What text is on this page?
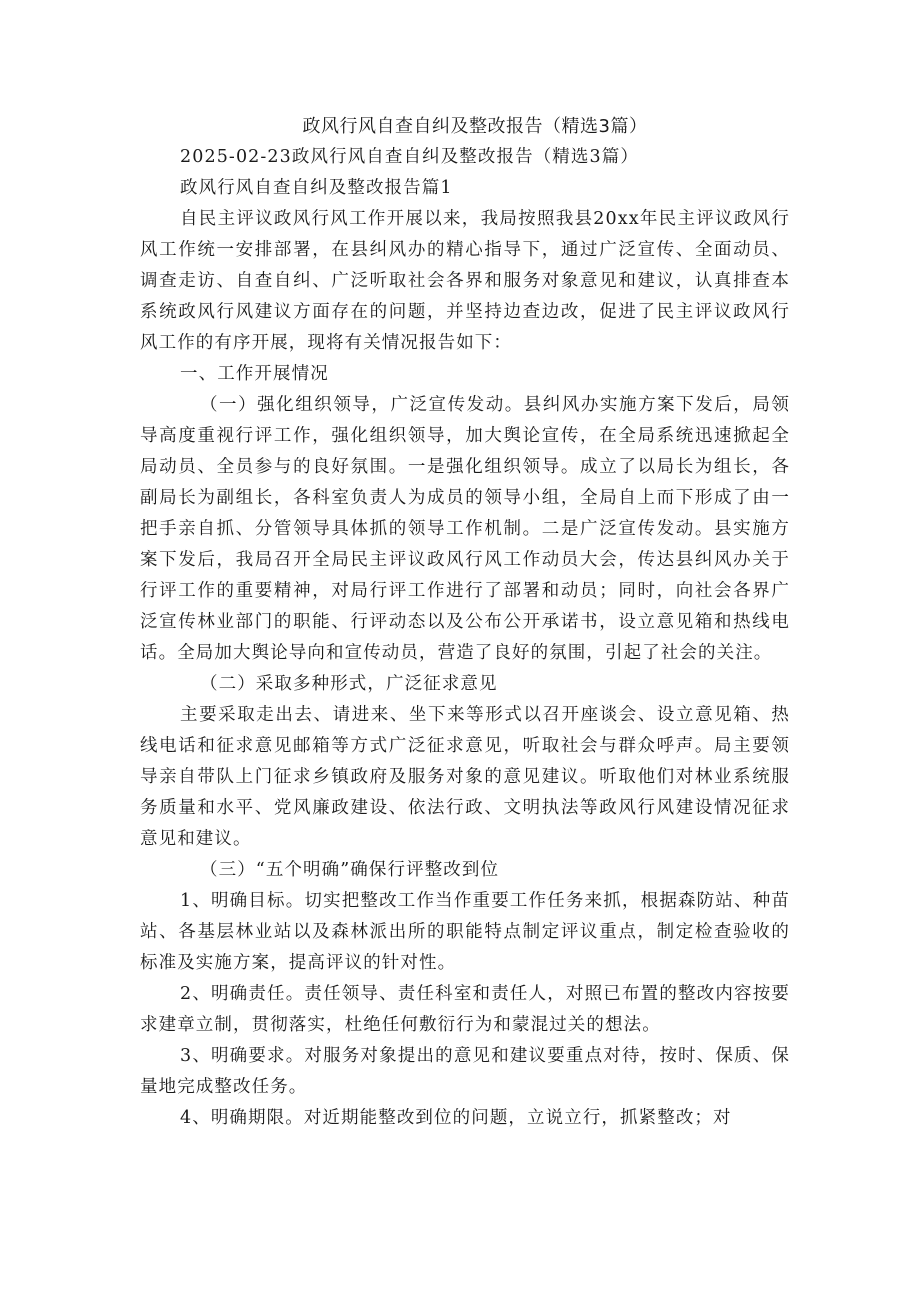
政风行风自查自纠及整改报告（精选3篇）

2025-02-23政风行风自查自纠及整改报告（精选3篇）

政风行风自查自纠及整改报告篇1

自民主评议政风行风工作开展以来，我局按照我县20xx年民主评议政风行风工作统一安排部署，在县纠风办的精心指导下，通过广泛宣传、全面动员、调查走访、自查自纠、广泛听取社会各界和服务对象意见和建议，认真排查本系统政风行风建议方面存在的问题，并坚持边查边改，促进了民主评议政风行风工作的有序开展，现将有关情况报告如下：

一、工作开展情况

（一）强化组织领导，广泛宣传发动。县纠风办实施方案下发后，局领导高度重视行评工作，强化组织领导，加大舆论宣传，在全局系统迅速掀起全局动员、全员参与的良好氛围。一是强化组织领导。成立了以局长为组长，各副局长为副组长，各科室负责人为成员的领导小组，全局自上而下形成了由一把手亲自抓、分管领导具体抓的领导工作机制。二是广泛宣传发动。县实施方案下发后，我局召开全局民主评议政风行风工作动员大会，传达县纠风办关于行评工作的重要精神，对局行评工作进行了部署和动员；同时，向社会各界广泛宣传林业部门的职能、行评动态以及公布公开承诺书，设立意见箱和热线电话。全局加大舆论导向和宣传动员，营造了良好的氛围，引起了社会的关注。

（二）采取多种形式，广泛征求意见

主要采取走出去、请进来、坐下来等形式以召开座谈会、设立意见箱、热线电话和征求意见邮箱等方式广泛征求意见，听取社会与群众呼声。局主要领导亲自带队上门征求乡镇政府及服务对象的意见建议。听取他们对林业系统服务质量和水平、党风廉政建设、依法行政、文明执法等政风行风建设情况征求意见和建议。

（三）“五个明确”确保行评整改到位

1、明确目标。切实把整改工作当作重要工作任务来抓，根据森防站、种苗站、各基层林业站以及森林派出所的职能特点制定评议重点，制定检查验收的标准及实施方案，提高评议的针对性。

2、明确责任。责任领导、责任科室和责任人，对照已布置的整改内容按要求建章立制，贯彻落实，杜绝任何敷衍行为和蒙混过关的想法。

3、明确要求。对服务对象提出的意见和建议要重点对待，按时、保质、保量地完成整改任务。

4、明确期限。对近期能整改到位的问题，立说立行，抓紧整改；对
